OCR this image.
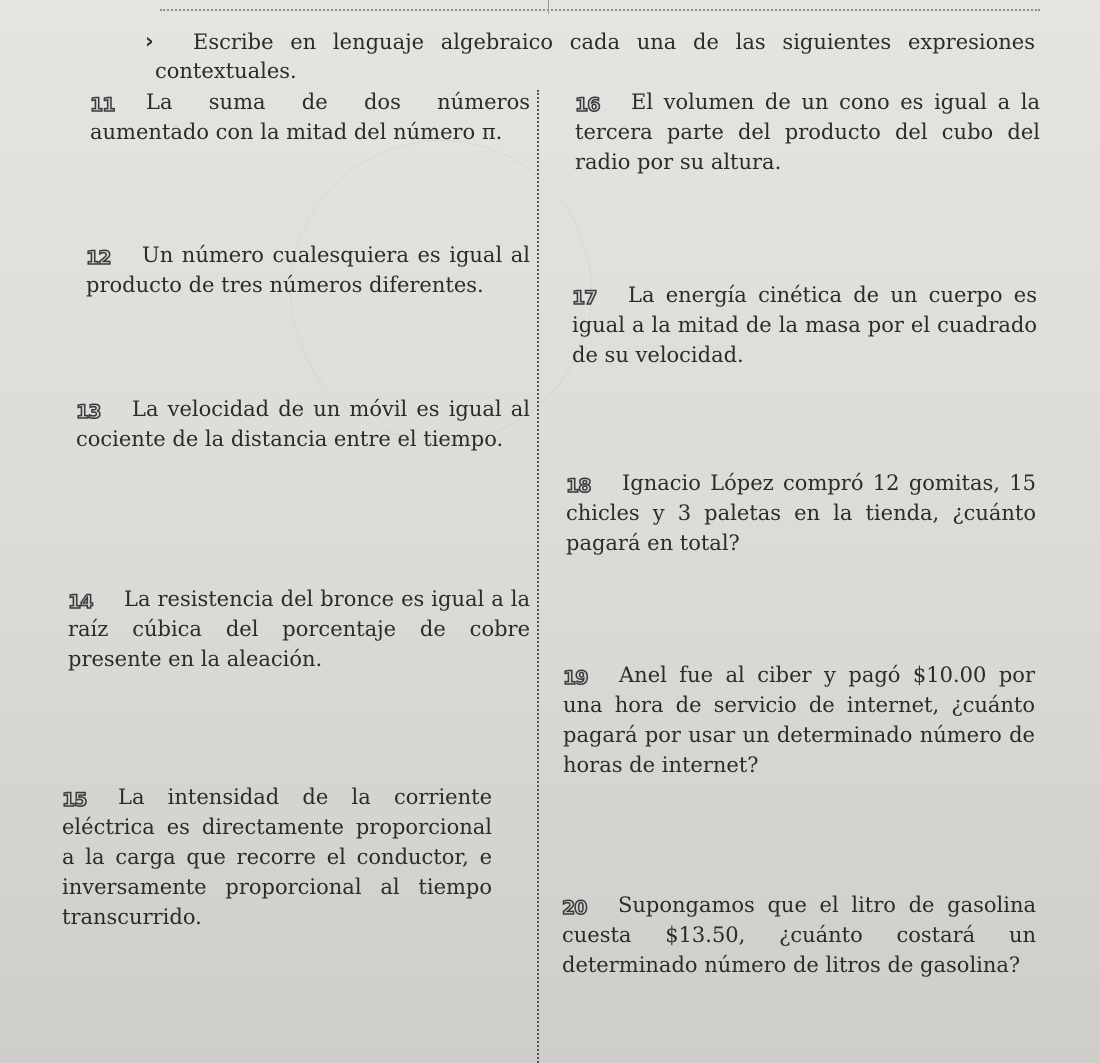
›	Escribe en lenguaje algebraico cada una de las siguientes expresiones contextuales.
11	La suma de dos números aumentado con la mitad del número π.

12	Un número cualesquiera es igual al producto de tres números diferentes.

13	La velocidad de un móvil es igual al cociente de la distancia entre el tiempo.

14	La resistencia del bronce es igual a la raíz cúbica del porcentaje de cobre presente en la aleación.

15	La intensidad de la corriente eléctrica es directamente proporcional a la carga que recorre el conductor, e inversamente proporcional al tiempo transcurrido.

16	El volumen de un cono es igual a la tercera parte del producto del cubo del radio por su altura.

17	La energía cinética de un cuerpo es igual a la mitad de la masa por el cuadrado de su velocidad.

18	Ignacio López compró 12 gomitas, 15 chicles y 3 paletas en la tienda, ¿cuánto pagará en total?

19	Anel fue al ciber y pagó $10.00 por una hora de servicio de internet, ¿cuánto pagará por usar un determinado número de horas de internet?

20	Supongamos que el litro de gasolina cuesta $13.50, ¿cuánto costará un determinado número de litros de gasolina?
